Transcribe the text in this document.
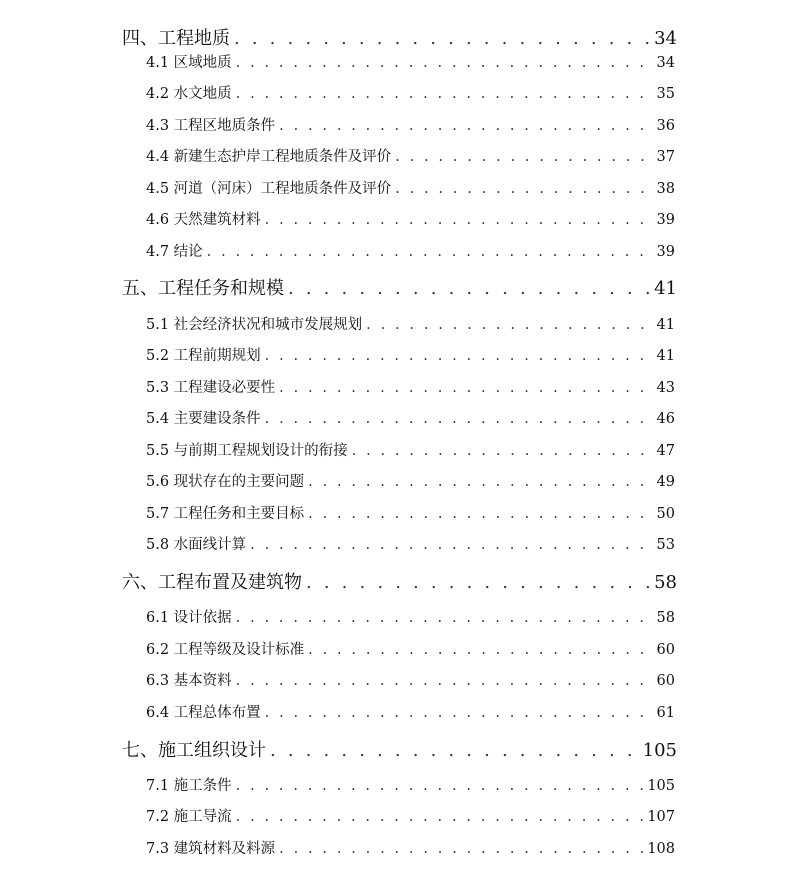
四、工程地质 . . .	34
4.1 区域地质 . . .	34
4.2 水文地质 . . .	35
4.3 工程区地质条件 . . .	36
4.4 新建生态护岸工程地质条件及评价 . . .	37
4.5 河道（河床）工程地质条件及评价 . . .	38
4.6 天然建筑材料 . . .	39
4.7 结论 . . .	39
五、工程任务和规模 . . .	41
5.1 社会经济状况和城市发展规划 . . .	41
5.2 工程前期规划 . . .	41
5.3 工程建设必要性 . . .	43
5.4 主要建设条件 . . .	46
5.5 与前期工程规划设计的衔接 . . .	47
5.6 现状存在的主要问题 . . .	49
5.7 工程任务和主要目标 . . .	50
5.8 水面线计算 . . .	53
六、工程布置及建筑物 . . .	58
6.1 设计依据 . . .	58
6.2 工程等级及设计标准 . . .	60
6.3 基本资料 . . .	60
6.4 工程总体布置 . . .	61
七、施工组织设计 . . .	105
7.1 施工条件 . . .	105
7.2 施工导流 . . .	107
7.3 建筑材料及料源 . . .	108
